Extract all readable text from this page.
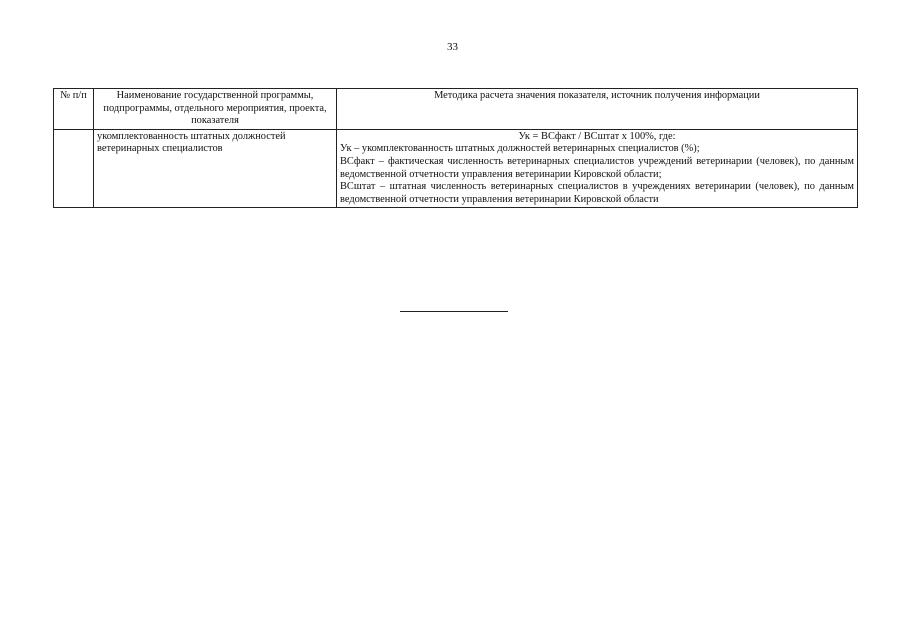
33
№ п/п	Наименование государственной программы, подпрограммы, отдельного мероприятия, проекта, показателя	Методика расчета значения показателя, источник получения информации
	укомплектованность штатных должностей ветеринарных специалистов	Ук = ВСфакт / ВСштат х 100%, где:
Ук – укомплектованность штатных должностей ветеринарных специалистов (%);
ВСфакт – фактическая численность ветеринарных специалистов учреждений ветеринарии (человек), по данным ведомственной отчетности управления ветеринарии Кировской области;
ВСштат – штатная численность ветеринарных специалистов в учреждениях ветеринарии (человек), по данным ведомственной отчетности управления ветеринарии Кировской области
